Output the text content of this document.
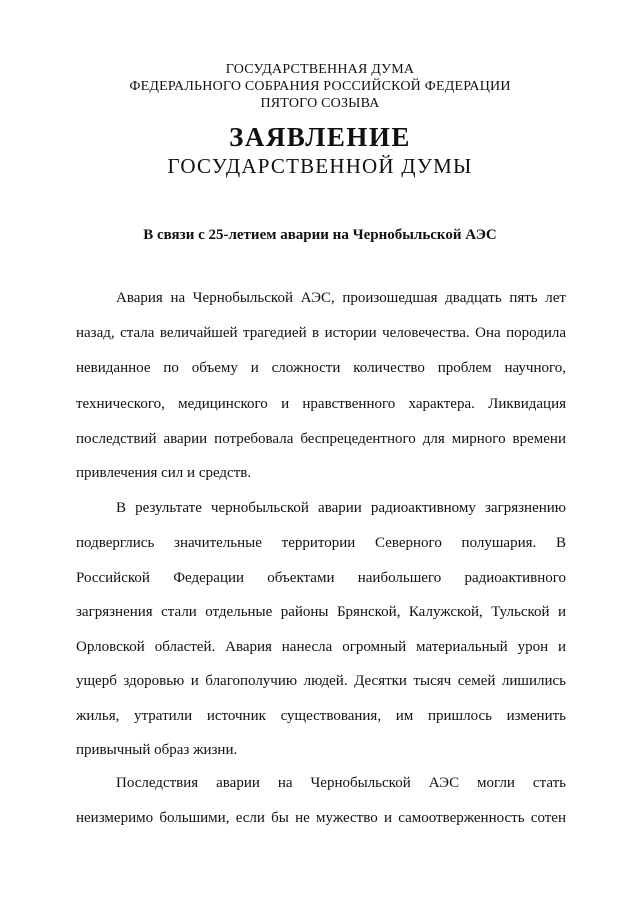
ГОСУДАРСТВЕННАЯ ДУМА
ФЕДЕРАЛЬНОГО СОБРАНИЯ РОССИЙСКОЙ ФЕДЕРАЦИИ
ПЯТОГО СОЗЫВА
ЗАЯВЛЕНИЕ
ГОСУДАРСТВЕННОЙ ДУМЫ
В связи с 25-летием аварии на Чернобыльской АЭС
Авария на Чернобыльской АЭС, произошедшая двадцать пять лет
назад, стала величайшей трагедией в истории человечества. Она породила
невиданное по объему и сложности количество проблем научного,
технического, медицинского и нравственного характера. Ликвидация
последствий аварии потребовала беспрецедентного для мирного времени
привлечения сил и средств.
В результате чернобыльской аварии радиоактивному загрязнению
подверглись значительные территории Северного полушария. В
Российской Федерации объектами наибольшего радиоактивного
загрязнения стали отдельные районы Брянской, Калужской, Тульской и
Орловской областей. Авария нанесла огромный материальный урон и
ущерб здоровью и благополучию людей. Десятки тысяч семей лишились
жилья, утратили источник существования, им пришлось изменить
привычный образ жизни.
Последствия аварии на Чернобыльской АЭС могли стать
неизмеримо большими, если бы не мужество и самоотверженность сотен
